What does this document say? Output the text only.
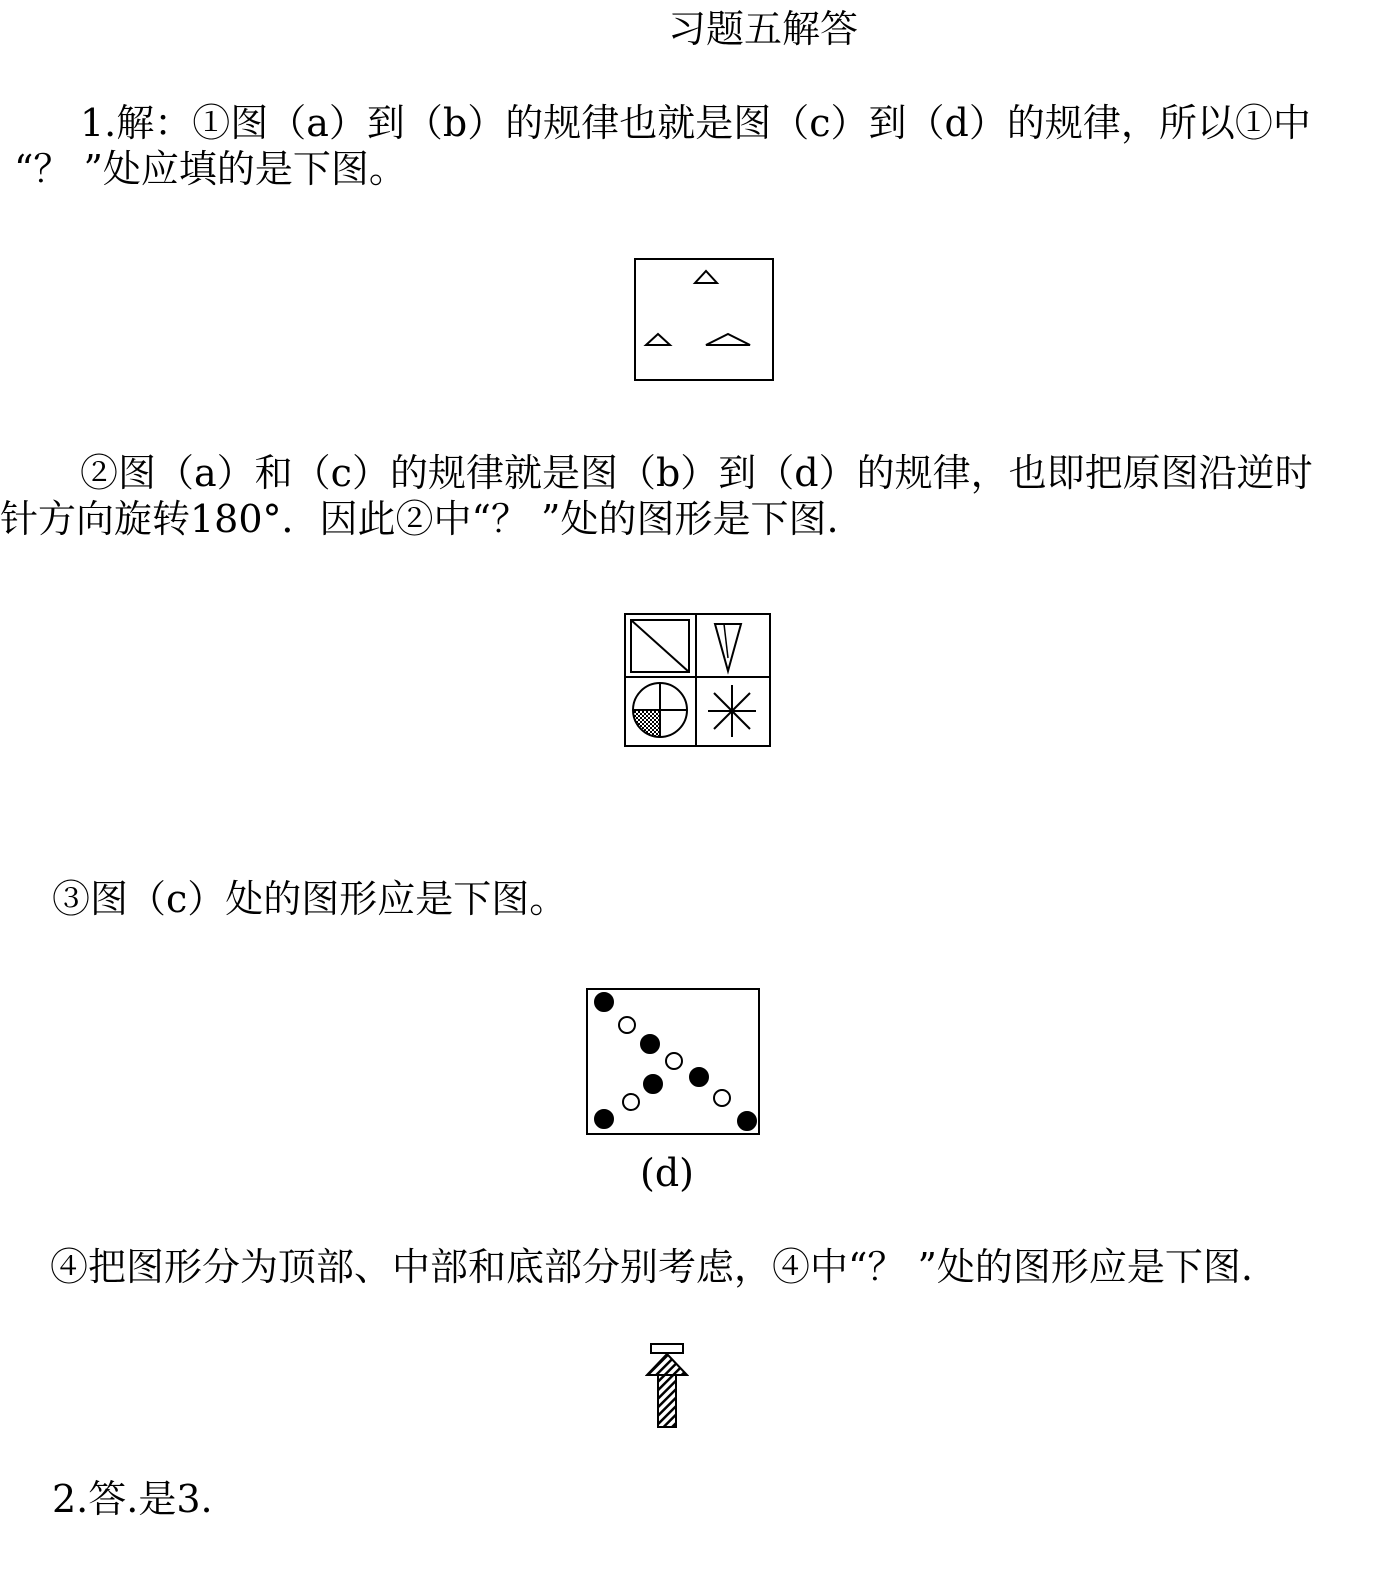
习题五解答

1.解：①图（a）到（b）的规律也就是图（c）到（d）的规律，所以①中

“？ ”处应填的是下图。

②图（a）和（c）的规律就是图（b）到（d）的规律，也即把原图沿逆时

针方向旋转180°．因此②中“？ ”处的图形是下图.

③图（c）处的图形应是下图。

(d)

④把图形分为顶部、中部和底部分别考虑，④中“？ ”处的图形应是下图.

2.答.是3.
